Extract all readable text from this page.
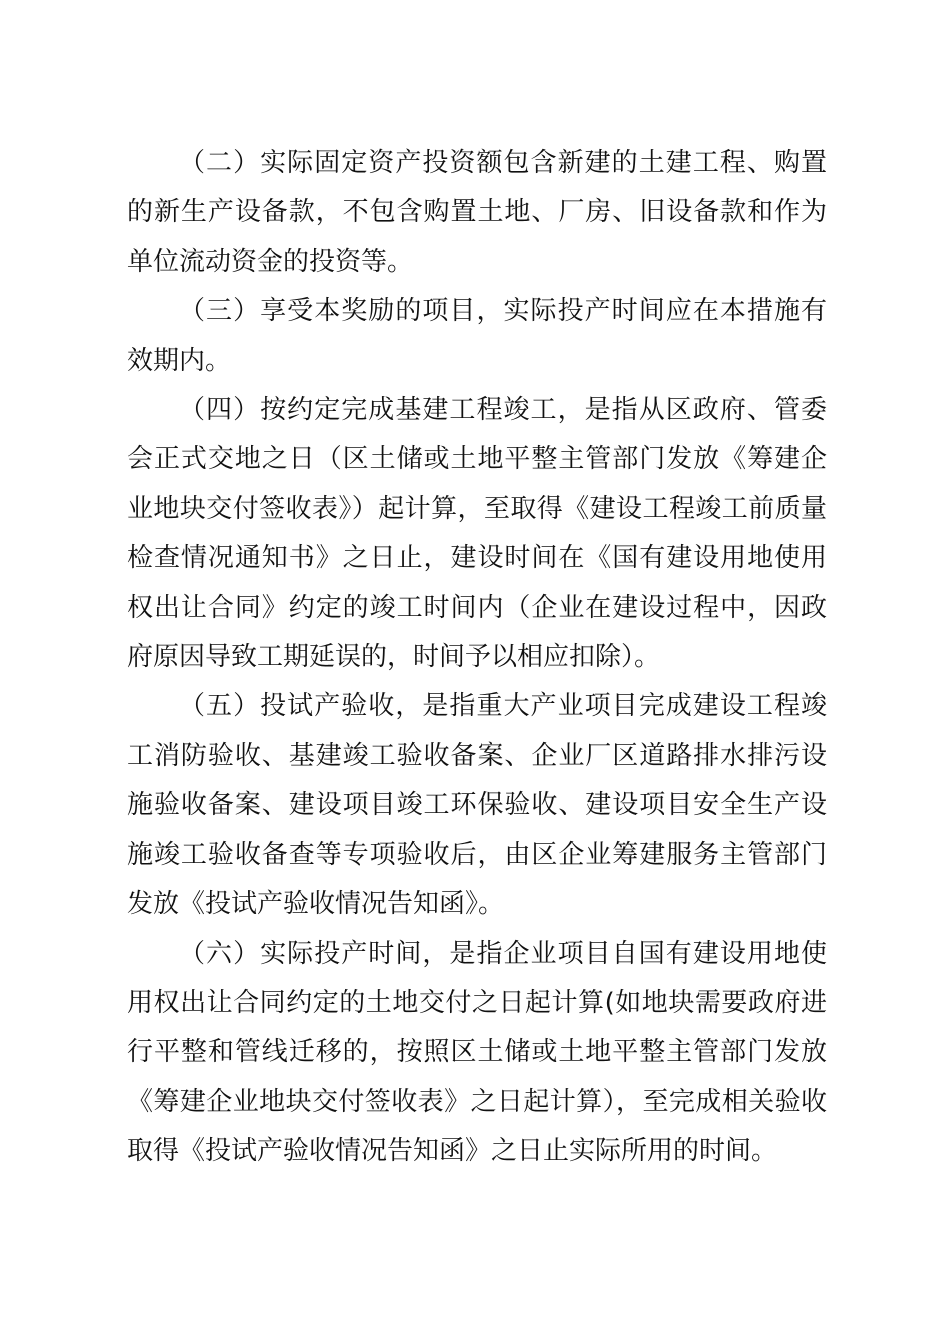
（二）实际固定资产投资额包含新建的土建工程、购置的新生产设备款，不包含购置土地、厂房、旧设备款和作为单位流动资金的投资等。

（三）享受本奖励的项目，实际投产时间应在本措施有效期内。

（四）按约定完成基建工程竣工，是指从区政府、管委会正式交地之日（区土储或土地平整主管部门发放《筹建企业地块交付签收表》）起计算，至取得《建设工程竣工前质量检查情况通知书》之日止，建设时间在《国有建设用地使用权出让合同》约定的竣工时间内（企业在建设过程中，因政府原因导致工期延误的，时间予以相应扣除）。

（五）投试产验收，是指重大产业项目完成建设工程竣工消防验收、基建竣工验收备案、企业厂区道路排水排污设施验收备案、建设项目竣工环保验收、建设项目安全生产设施竣工验收备查等专项验收后，由区企业筹建服务主管部门发放《投试产验收情况告知函》。

（六）实际投产时间，是指企业项目自国有建设用地使用权出让合同约定的土地交付之日起计算(如地块需要政府进行平整和管线迁移的，按照区土储或土地平整主管部门发放《筹建企业地块交付签收表》之日起计算），至完成相关验收取得《投试产验收情况告知函》之日止实际所用的时间。
